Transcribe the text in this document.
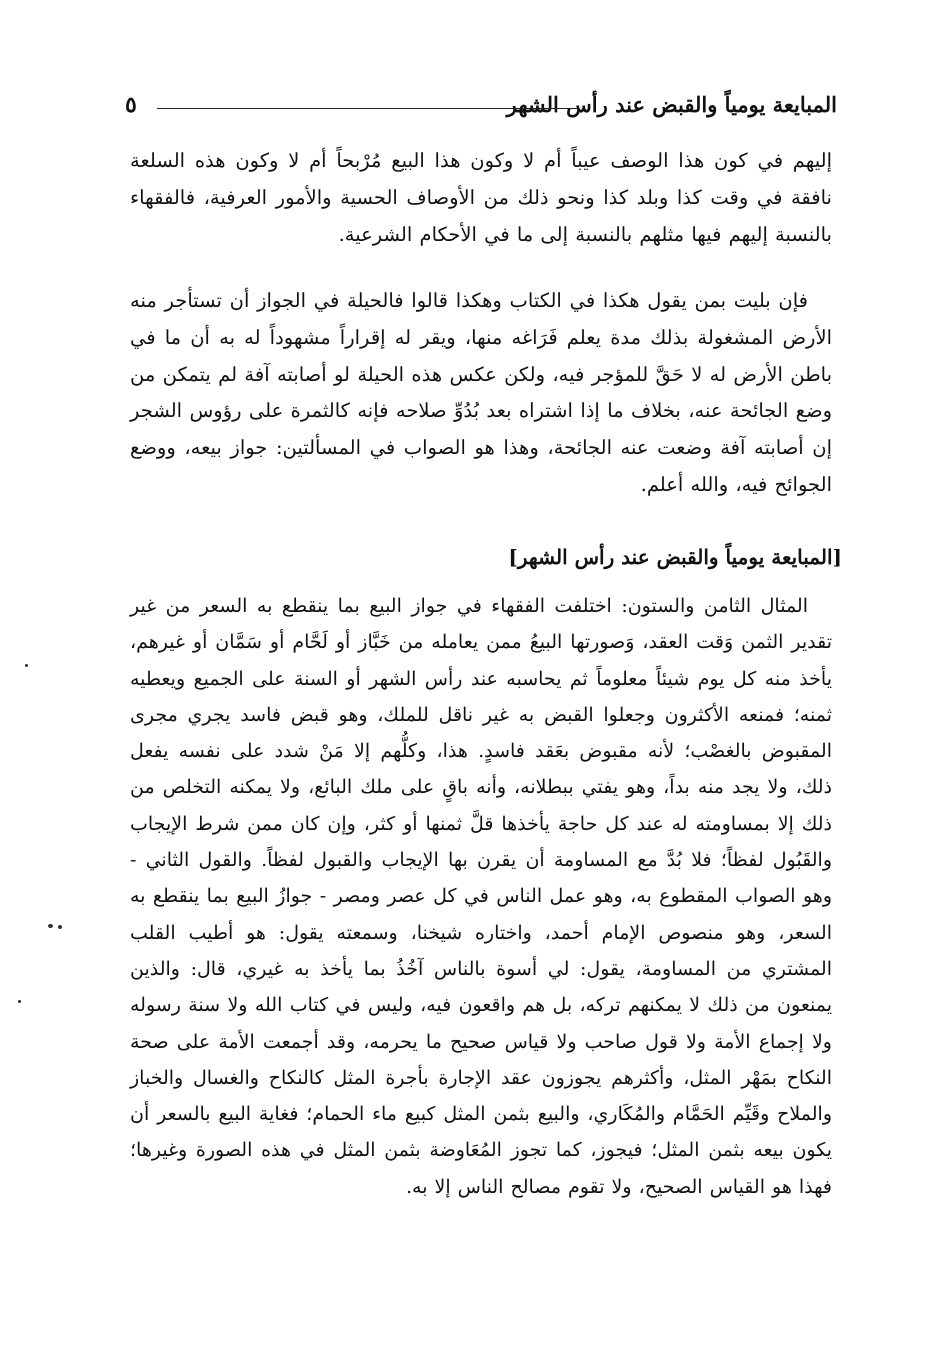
المبايعة يومياً والقبض عند رأس الشهر
٥

إليهم في كون هذا الوصف عيباً أم لا وكون هذا البيع مُرْبحاً أم لا وكون هذه السلعة نافقة في وقت كذا وبلد كذا ونحو ذلك من الأوصاف الحسية والأمور العرفية، فالفقهاء بالنسبة إليهم فيها مثلهم بالنسبة إلى ما في الأحكام الشرعية.

فإن بليت بمن يقول هكذا في الكتاب وهكذا قالوا فالحيلة في الجواز أن تستأجر منه الأرض المشغولة بذلك مدة يعلم فَرَاغه منها، ويقر له إقراراً مشهوداً له به أن ما في باطن الأرض له لا حَقَّ للمؤجر فيه، ولكن عكس هذه الحيلة لو أصابته آفة لم يتمكن من وضع الجائحة عنه، بخلاف ما إذا اشتراه بعد بُدُوِّ صلاحه فإنه كالثمرة على رؤوس الشجر إن أصابته آفة وضعت عنه الجائحة، وهذا هو الصواب في المسألتين: جواز بيعه، ووضع الجوائح فيه، والله أعلم.

[المبايعة يومياً والقبض عند رأس الشهر]

المثال الثامن والستون: اختلفت الفقهاء في جواز البيع بما ينقطع به السعر من غير تقدير الثمن وَقت العقد، وَصورتها البيعُ ممن يعامله من خَبَّاز أو لَحَّام أو سَمَّان أو غيرهم، يأخذ منه كل يوم شيئاً معلوماً ثم يحاسبه عند رأس الشهر أو السنة على الجميع ويعطيه ثمنه؛ فمنعه الأكثرون وجعلوا القبض به غير ناقل للملك، وهو قبض فاسد يجري مجرى المقبوض بالغصْب؛ لأنه مقبوض بعَقد فاسدٍ. هذا، وكلُّهم إلا مَنْ شدد على نفسه يفعل ذلك، ولا يجد منه بداً، وهو يفتي ببطلانه، وأنه باقٍ على ملك البائع، ولا يمكنه التخلص من ذلك إلا بمساومته له عند كل حاجة يأخذها قلَّ ثمنها أو كثر، وإن كان ممن شرط الإيجاب والقَبُول لفظاً؛ فلا بُدَّ مع المساومة أن يقرن بها الإيجاب والقبول لفظاً. والقول الثاني - وهو الصواب المقطوع به، وهو عمل الناس في كل عصر ومصر - جوازُ البيع بما ينقطع به السعر، وهو منصوص الإمام أحمد، واختاره شيخنا، وسمعته يقول: هو أطيب القلب المشتري من المساومة، يقول: لي أسوة بالناس آخُذُ بما يأخذ به غيري، قال: والذين يمنعون من ذلك لا يمكنهم تركه، بل هم واقعون فيه، وليس في كتاب الله ولا سنة رسوله ولا إجماع الأمة ولا قول صاحب ولا قياس صحيح ما يحرمه، وقد أجمعت الأمة على صحة النكاح بمَهْر المثل، وأكثرهم يجوزون عقد الإجارة بأجرة المثل كالنكاح والغسال والخباز والملاح وقَيِّم الحَمَّام والمُكَاري، والبيع بثمن المثل كبيع ماء الحمام؛ فغاية البيع بالسعر أن يكون بيعه بثمن المثل؛ فيجوز، كما تجوز المُعَاوضة بثمن المثل في هذه الصورة وغيرها؛ فهذا هو القياس الصحيح، ولا تقوم مصالح الناس إلا به.
